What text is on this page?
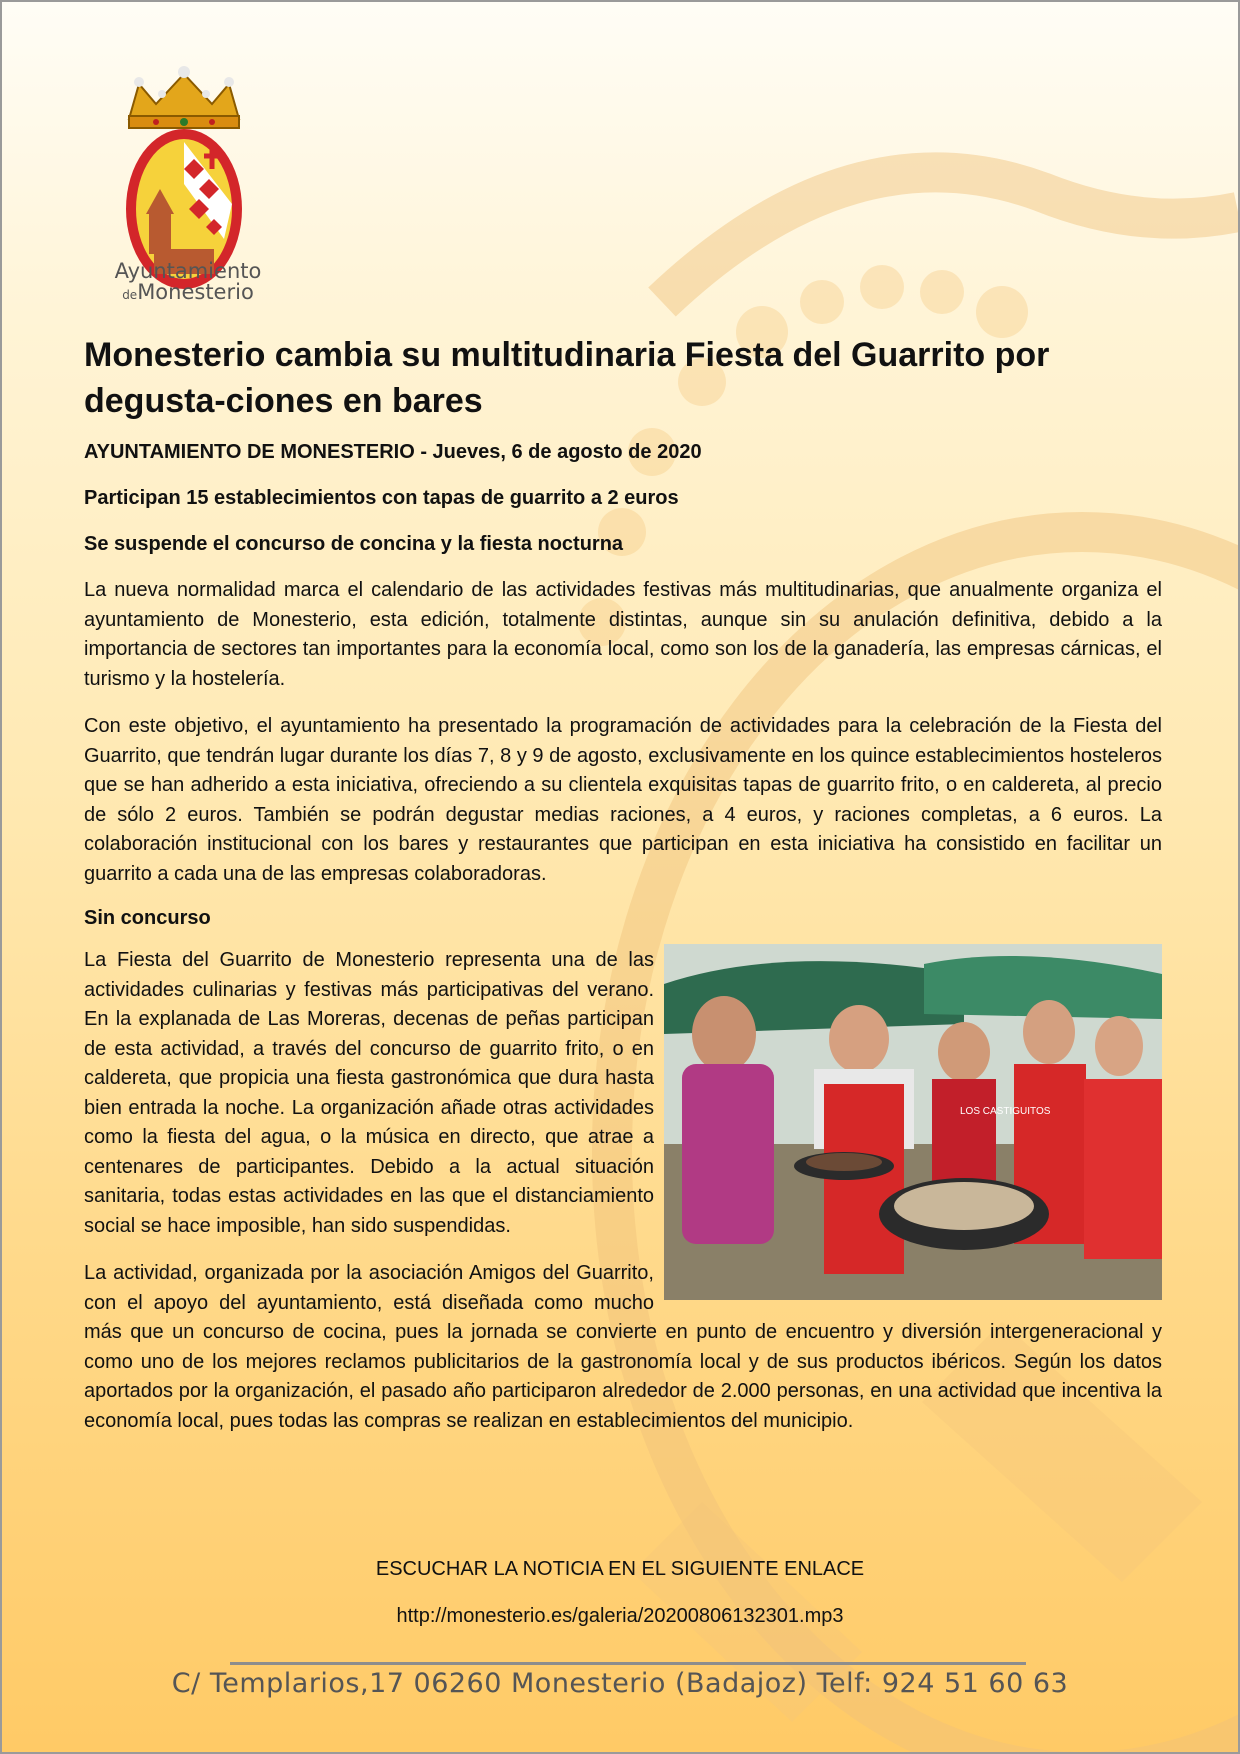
Ayuntamiento
deMonesterio
Monesterio cambia su multitudinaria Fiesta del Guarrito por degusta-ciones en bares
AYUNTAMIENTO DE MONESTERIO - Jueves, 6 de agosto de 2020
Participan 15 establecimientos con tapas de guarrito a 2 euros
Se suspende el concurso de concina y la fiesta nocturna

La nueva normalidad marca el calendario de las actividades festivas más multitudinarias, que anualmente organiza el ayuntamiento de Monesterio, esta edición, totalmente distintas, aunque sin su anulación definitiva, debido a la importancia de sectores tan importantes para la economía local, como son los de la ganadería, las empresas cárnicas, el turismo y la hostelería.

Con este objetivo, el ayuntamiento ha presentado la programación de actividades para la celebración de la Fiesta del Guarrito, que tendrán lugar durante los días 7, 8 y 9 de agosto, exclusivamente en los quince establecimientos hosteleros que se han adherido a esta iniciativa, ofreciendo a su clientela exquisitas tapas de guarrito frito, o en caldereta, al precio de sólo 2 euros. También se podrán degustar medias raciones, a 4 euros, y raciones completas, a 6 euros. La colaboración institucional con los bares y restaurantes que participan en esta iniciativa ha consistido en facilitar un guarrito a cada una de las empresas colaboradoras.

Sin concurso
LOS CASTIGUITOS

La Fiesta del Guarrito de Monesterio representa una de las actividades culinarias y festivas más participativas del verano. En la explanada de Las Moreras, decenas de peñas participan de esta actividad, a través del concurso de guarrito frito, o en caldereta, que propicia una fiesta gastronómica que dura hasta bien entrada la noche. La organización añade otras actividades como la fiesta del agua, o la música en directo, que atrae a centenares de participantes. Debido a la actual situación sanitaria, todas estas actividades en las que el distanciamiento social se hace imposible, han sido suspendidas.

La actividad, organizada por la asociación Amigos del Guarrito, con el apoyo del ayuntamiento, está diseñada como mucho más que un concurso de cocina, pues la jornada se convierte en punto de encuentro y diversión intergeneracional y como uno de los mejores reclamos publicitarios de la gastronomía local y de sus productos ibéricos. Según los datos aportados por la organización, el pasado año participaron alrededor de 2.000 personas, en una actividad que incentiva la economía local, pues todas las compras se realizan en establecimientos del municipio.

ESCUCHAR LA NOTICIA EN EL SIGUIENTE ENLACE
http://monesterio.es/galeria/20200806132301.mp3
C/ Templarios,17 06260 Monesterio (Badajoz) Telf: 924 51 60 63
